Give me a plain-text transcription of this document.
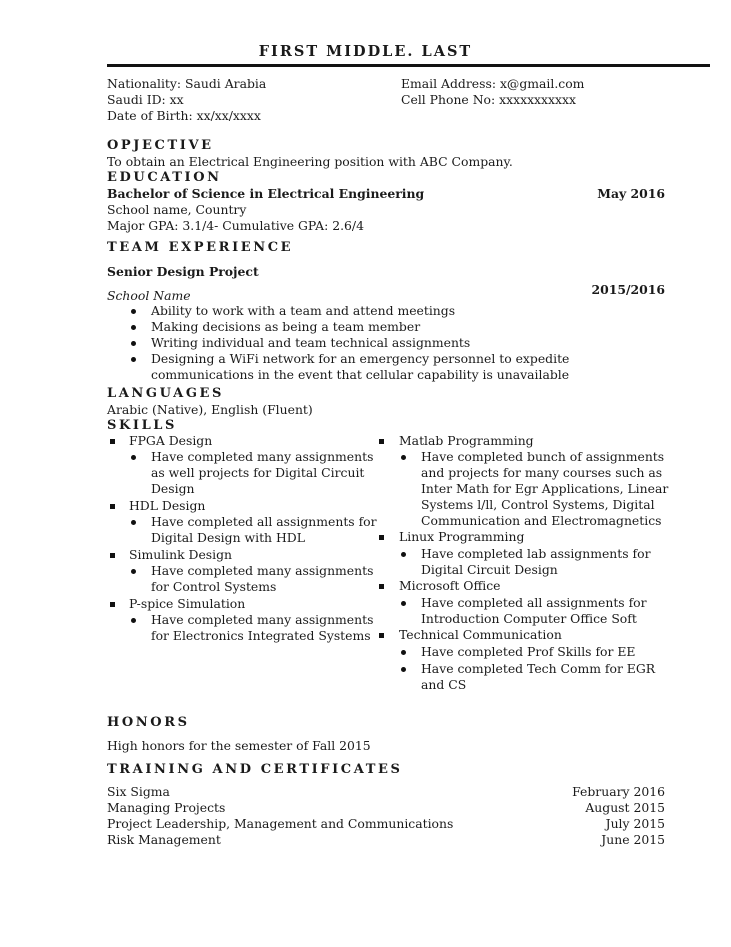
FIRST MIDDLE. LAST
Nationality: Saudi Arabia
Saudi ID: xx
Date of Birth: xx/xx/xxxx
Email Address: x@gmail.com
Cell Phone No: xxxxxxxxxxx
OPJECTIVE
To obtain an Electrical Engineering position with ABC Company.
EDUCATION
Bachelor of Science in Electrical Engineering	May 2016
School name, Country
Major GPA: 3.1/4- Cumulative GPA: 2.6/4
TEAM EXPERIENCE
Senior Design Project
2015/2016
School Name
Ability to work with a team and attend meetings
Making decisions as being a team member
Writing individual and team technical assignments
Designing a WiFi network for an emergency personnel to expedite
communications in the event that cellular capability is unavailable
LANGUAGES
Arabic (Native), English (Fluent)
SKILLS
FPGA Design
Have completed many assignments
as well projects for Digital Circuit
Design
HDL Design
Have completed all assignments for
Digital Design with HDL
Simulink Design
Have completed many assignments
for Control Systems
P-spice Simulation
Have completed many assignments
for Electronics Integrated Systems
Matlab Programming
Have completed bunch of assignments
and projects for many courses such as
Inter Math for Egr Applications, Linear
Systems l/ll, Control Systems, Digital
Communication and Electromagnetics
Linux Programming
Have completed lab assignments for
Digital Circuit Design
Microsoft Office
Have completed all assignments for
Introduction Computer Office Soft
Technical Communication
Have completed Prof Skills for EE
Have completed Tech Comm for EGR
and CS
HONORS
High honors for the semester of Fall 2015
TRAINING AND CERTIFICATES
Six Sigma	February 2016
Managing Projects	August 2015
Project Leadership, Management and Communications	July 2015
Risk Management	June 2015
